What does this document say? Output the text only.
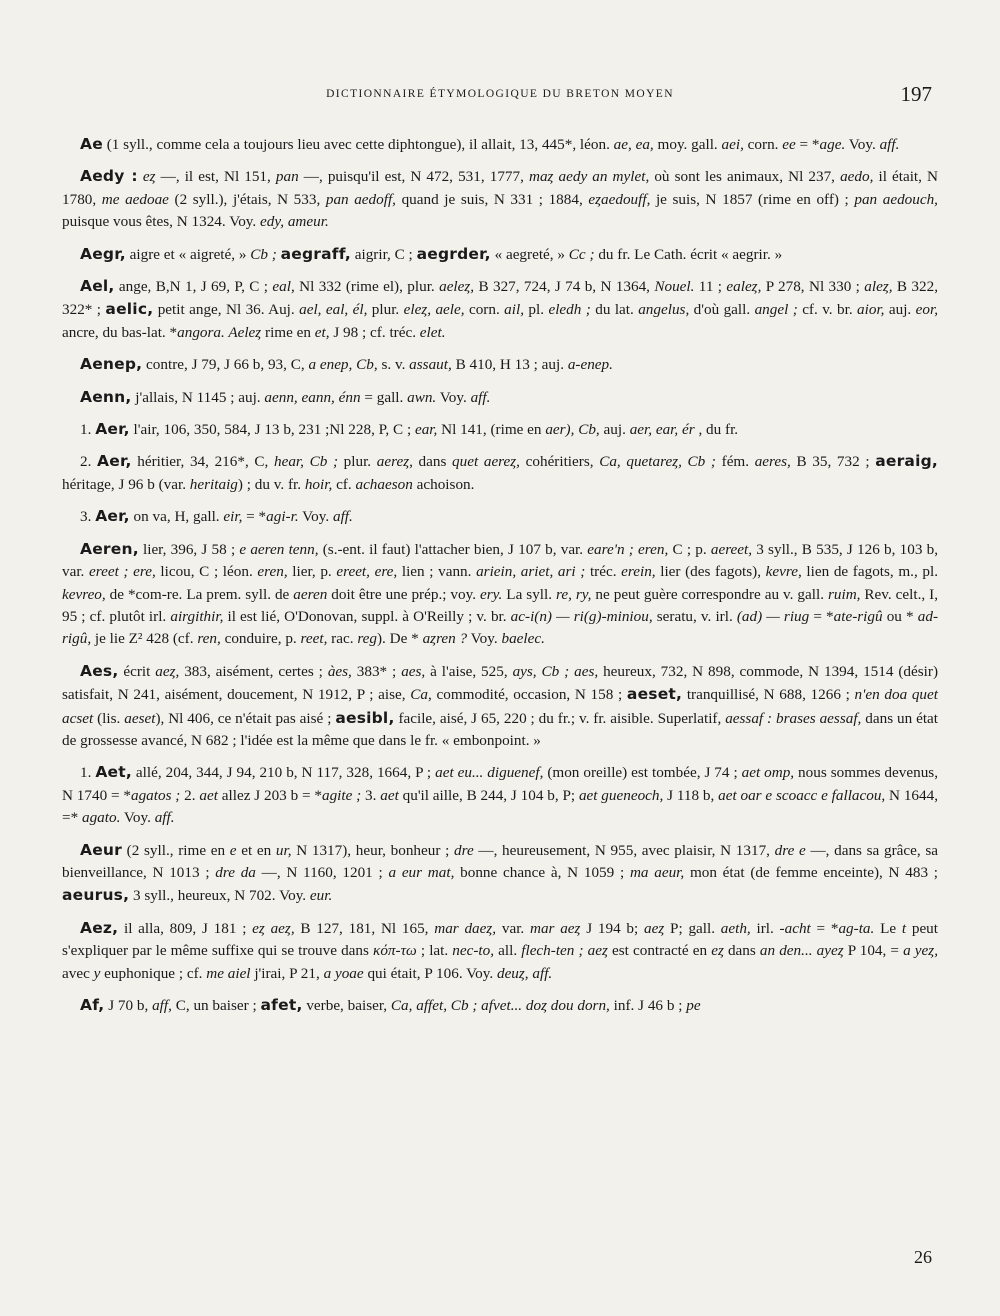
DICTIONNAIRE ÉTYMOLOGIQUE DU BRETON MOYEN	197

Ae (1 syll., comme cela a toujours lieu avec cette diphtongue), il allait, 13, 445*, léon. ae, ea, moy. gall. aei, corn. ee = *age. Voy. aff.

Aedy : eȥ —, il est, Nl 151, pan —, puisqu'il est, N 472, 531, 1777, maȥ aedy an mylet, où sont les animaux, Nl 237, aedo, il était, N 1780, me aedoae (2 syll.), j'étais, N 533, pan aedoff, quand je suis, N 331 ; 1884, eȥaedouff, je suis, N 1857 (rime en off) ; pan aedouch, puisque vous êtes, N 1324. Voy. edy, ameur.

Aegr, aigre et « aigreté, » Cb ; aegraff, aigrir, C ; aegrder, « aegreté, » Cc ; du fr. Le Cath. écrit « aegrir. »

Ael, ange, B,N 1, J 69, P, C ; eal, Nl 332 (rime el), plur. aeleȥ, B 327, 724, J 74 b, N 1364, Nouel. 11 ; ealeȥ, P 278, Nl 330 ; aleȥ, B 322, 322* ; aelic, petit ange, Nl 36. Auj. ael, eal, él, plur. eleȥ, aele, corn. ail, pl. eledh ; du lat. angelus, d'où gall. angel ; cf. v. br. aior, auj. eor, ancre, du bas-lat. *angora. Aeleȥ rime en et, J 98 ; cf. tréc. elet.

Aenep, contre, J 79, J 66 b, 93, C, a enep, Cb, s. v. assaut, B 410, H 13 ; auj. a-enep.

Aenn, j'allais, N 1145 ; auj. aenn, eann, énn = gall. awn. Voy. aff.

1. Aer, l'air, 106, 350, 584, J 13 b, 231 ;Nl 228, P, C ; ear, Nl 141, (rime en aer), Cb, auj. aer, ear, ér , du fr.

2. Aer, héritier, 34, 216*, C, hear, Cb ; plur. aereȥ, dans quet aereȥ, cohéritiers, Ca, quetareȥ, Cb ; fém. aeres, B 35, 732 ; aeraig, héritage, J 96 b (var. heritaig) ; du v. fr. hoir, cf. achaeson achoison.

3. Aer, on va, H, gall. eir, = *agi-r. Voy. aff.

Aeren, lier, 396, J 58 ; e aeren tenn, (s.-ent. il faut) l'attacher bien, J 107 b, var. eare'n ; eren, C ; p. aereet, 3 syll., B 535, J 126 b, 103 b, var. ereet ; ere, licou, C ; léon. eren, lier, p. ereet, ere, lien ; vann. ariein, ariet, ari ; tréc. erein, lier (des fagots), kevre, lien de fagots, m., pl. kevreo, de *com-re. La prem. syll. de aeren doit être une prép.; voy. ery. La syll. re, ry, ne peut guère correspondre au v. gall. ruim, Rev. celt., I, 95 ; cf. plutôt irl. airgithir, il est lié, O'Donovan, suppl. à O'Reilly ; v. br. ac-i(n) — ri(g)-miniou, seratu, v. irl. (ad) — riug = *ate-rigû ou * ad-rigû, je lie Z² 428 (cf. ren, conduire, p. reet, rac. reg). De * aȥren ? Voy. baelec.

Aes, écrit aeȥ, 383, aisément, certes ; àes, 383* ; aes, à l'aise, 525, ays, Cb ; aes, heureux, 732, N 898, commode, N 1394, 1514 (désir) satisfait, N 241, aisément, doucement, N 1912, P ; aise, Ca, commodité, occasion, N 158 ; aeset, tranquillisé, N 688, 1266 ; n'en doa quet acset (lis. aeset), Nl 406, ce n'était pas aisé ; aesibl, facile, aisé, J 65, 220 ; du fr.; v. fr. aisible. Superlatif, aessaf : brases aessaf, dans un état de grossesse avancé, N 682 ; l'idée est la même que dans le fr. « embonpoint. »

1. Aet, allé, 204, 344, J 94, 210 b, N 117, 328, 1664, P ; aet eu... diguenef, (mon oreille) est tombée, J 74 ; aet omp, nous sommes devenus, N 1740 = *agatos ; 2. aet allez J 203 b = *agite ; 3. aet qu'il aille, B 244, J 104 b, P; aet gueneoch, J 118 b, aet oar e scoacc e fallacou, N 1644, =* agato. Voy. aff.

Aeur (2 syll., rime en e et en ur, N 1317), heur, bonheur ; dre —, heureusement, N 955, avec plaisir, N 1317, dre e —, dans sa grâce, sa bienveillance, N 1013 ; dre da —, N 1160, 1201 ; a eur mat, bonne chance à, N 1059 ; ma aeur, mon état (de femme enceinte), N 483 ; aeurus, 3 syll., heureux, N 702. Voy. eur.

Aez, il alla, 809, J 181 ; eȥ aeȥ, B 127, 181, Nl 165, mar daeȥ, var. mar aeȥ J 194 b; aeȥ P; gall. aeth, irl. -acht = *ag-ta. Le t peut s'expliquer par le même suffixe qui se trouve dans κόπ-τω ; lat. nec-to, all. flech-ten ; aeȥ est contracté en eȥ dans an den... ayeȥ P 104, = a yeȥ, avec y euphonique ; cf. me aiel j'irai, P 21, a yoae qui était, P 106. Voy. deuȥ, aff.

Af, J 70 b, aff, C, un baiser ; afet, verbe, baiser, Ca, affet, Cb ; afvet... doȥ dou dorn, inf. J 46 b ; pe

26
